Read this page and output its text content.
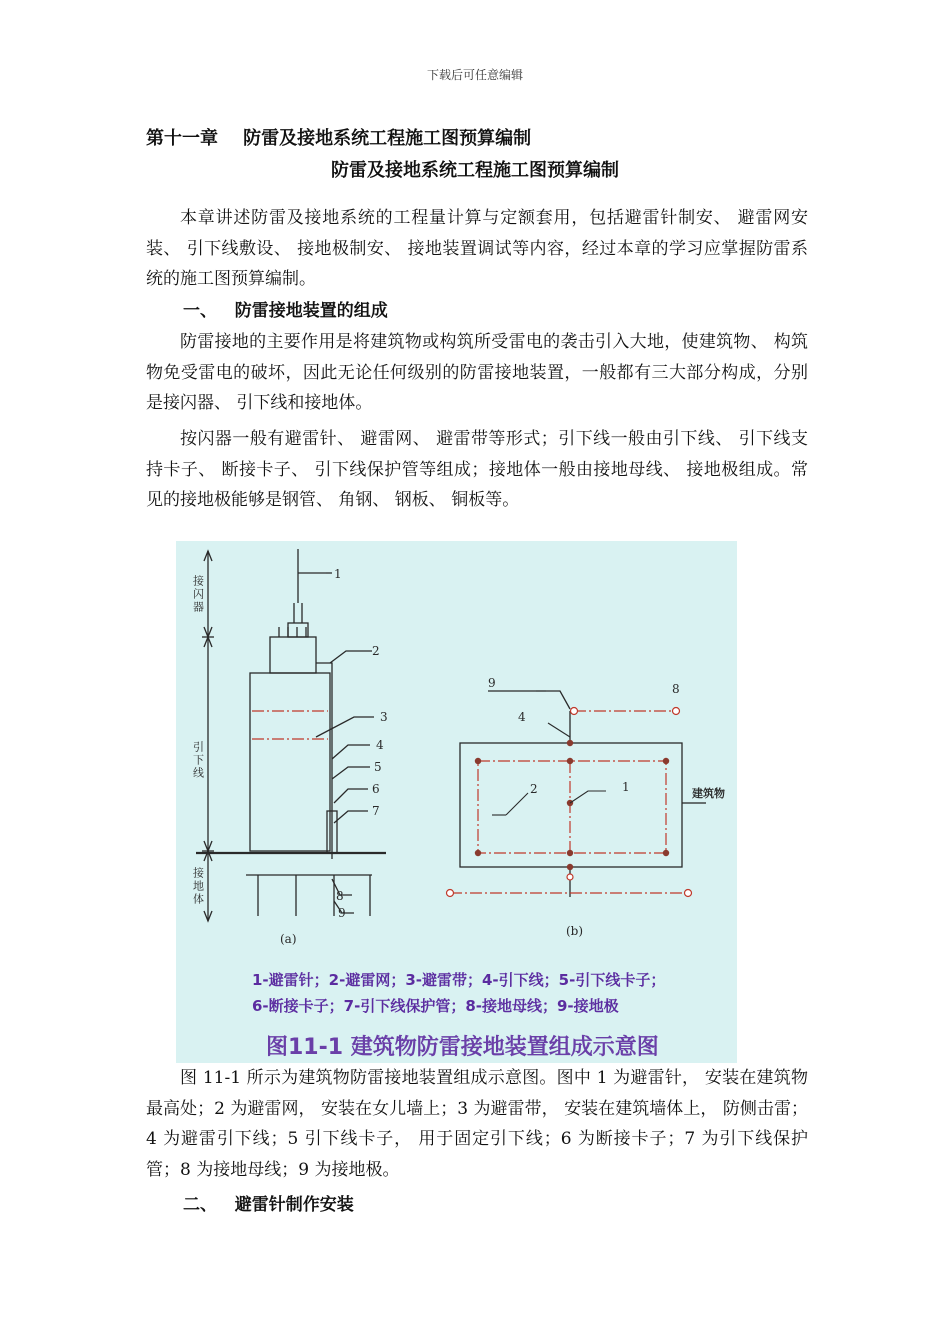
下载后可任意编辑
第十一章    防雷及接地系统工程施工图预算编制
防雷及接地系统工程施工图预算编制
本章讲述防雷及接地系统的工程量计算与定额套用，包括避雷针制安、 避雷网安装、 引下线敷设、 接地极制安、 接地装置调试等内容，经过本章的学习应掌握防雷系统的施工图预算编制。
一、   防雷接地装置的组成
防雷接地的主要作用是将建筑物或构筑所受雷电的袭击引入大地，使建筑物、 构筑物免受雷电的破坏，因此无论任何级别的防雷接地装置，一般都有三大部分构成，分别是接闪器、 引下线和接地体。
按闪器一般有避雷针、 避雷网、 避雷带等形式；引下线一般由引下线、 引下线支持卡子、 断接卡子、 引下线保护管等组成；接地体一般由接地母线、 接地极组成。常见的接地极能够是钢管、 角钢、 钢板、 铜板等。
接闪器
引下线
接地体
1
2
3
4
5
6
7
8
9
(a)
9	8
4
2	1
(b)
建筑物
1-避雷针；2-避雷网；3-避雷带；4-引下线；5-引下线卡子；
6-断接卡子；7-引下线保护管；8-接地母线；9-接地极
图11-1 建筑物防雷接地装置组成示意图
图 11-1 所示为建筑物防雷接地装置组成示意图。图中 1 为避雷针， 安装在建筑物最高处；2 为避雷网， 安装在女儿墙上；3 为避雷带， 安装在建筑墙体上， 防侧击雷；4 为避雷引下线；5 引下线卡子， 用于固定引下线；6 为断接卡子；7 为引下线保护管；8 为接地母线；9 为接地极。
二、   避雷针制作安装
